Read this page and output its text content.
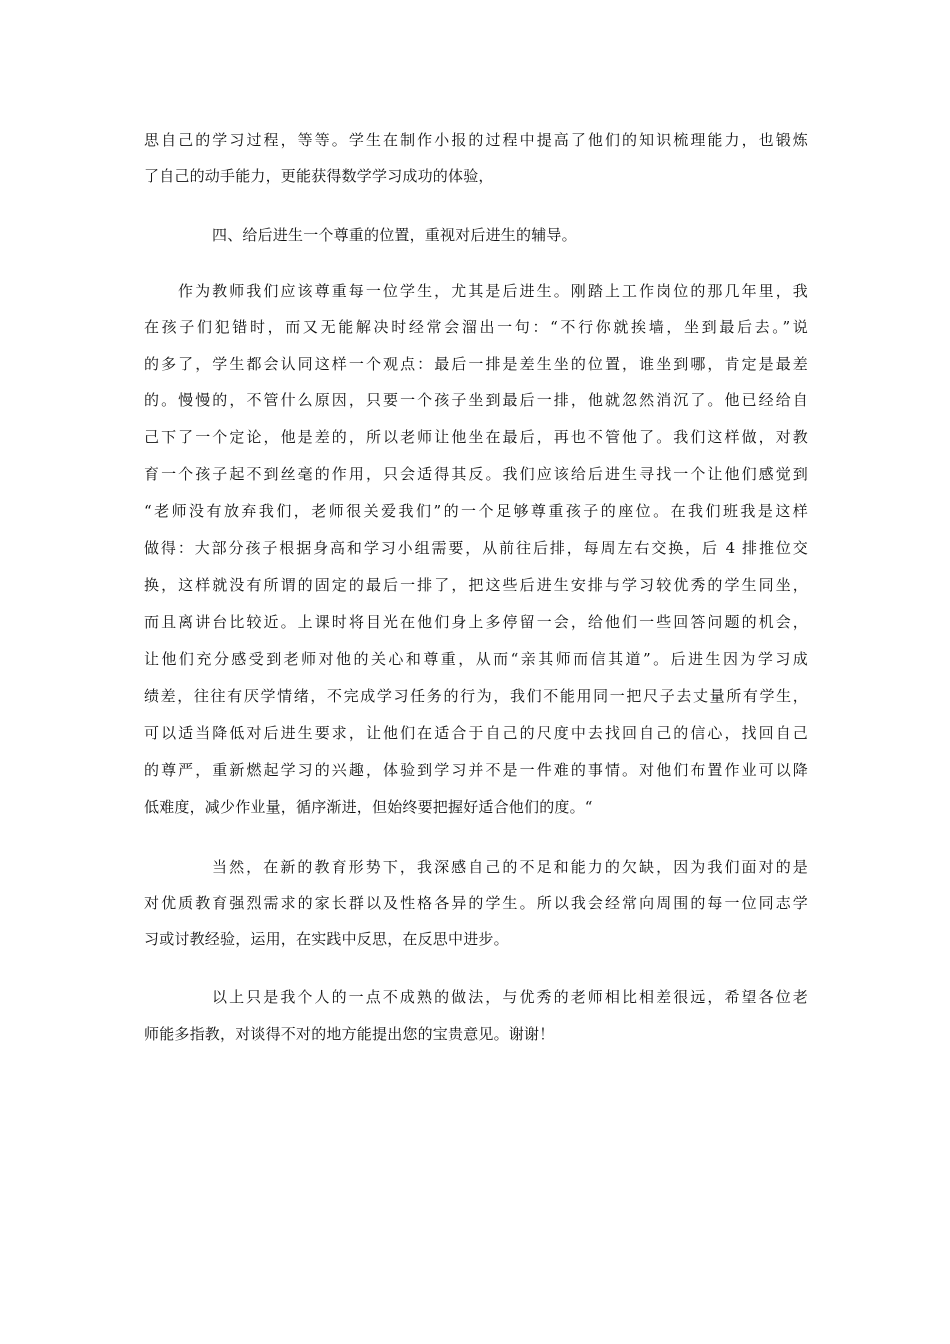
思自己的学习过程，等等。学生在制作小报的过程中提高了他们的知识梳理能力，也锻炼
了自己的动手能力，更能获得数学学习成功的体验，
四、给后进生一个尊重的位置，重视对后进生的辅导。
作为教师我们应该尊重每一位学生，尤其是后进生。刚踏上工作岗位的那几年里，我
在孩子们犯错时，而又无能解决时经常会溜出一句：“不行你就挨墙，坐到最后去。”说
的多了，学生都会认同这样一个观点：最后一排是差生坐的位置，谁坐到哪，肯定是最差
的。慢慢的，不管什么原因，只要一个孩子坐到最后一排，他就忽然消沉了。他已经给自
己下了一个定论，他是差的，所以老师让他坐在最后，再也不管他了。我们这样做，对教
育一个孩子起不到丝毫的作用，只会适得其反。我们应该给后进生寻找一个让他们感觉到
“老师没有放弃我们，老师很关爱我们”的一个足够尊重孩子的座位。在我们班我是这样
做得：大部分孩子根据身高和学习小组需要，从前往后排，每周左右交换，后 4 排推位交
换，这样就没有所谓的固定的最后一排了，把这些后进生安排与学习较优秀的学生同坐，
而且离讲台比较近。上课时将目光在他们身上多停留一会，给他们一些回答问题的机会，
让他们充分感受到老师对他的关心和尊重，从而“亲其师而信其道”。后进生因为学习成
绩差，往往有厌学情绪，不完成学习任务的行为，我们不能用同一把尺子去丈量所有学生，
可以适当降低对后进生要求，让他们在适合于自己的尺度中去找回自己的信心，找回自己
的尊严，重新燃起学习的兴趣，体验到学习并不是一件难的事情。对他们布置作业可以降
低难度，减少作业量，循序渐进，但始终要把握好适合他们的度。“
当然，在新的教育形势下，我深感自己的不足和能力的欠缺，因为我们面对的是
对优质教育强烈需求的家长群以及性格各异的学生。所以我会经常向周围的每一位同志学
习或讨教经验，运用，在实践中反思，在反思中进步。
以上只是我个人的一点不成熟的做法，与优秀的老师相比相差很远，希望各位老
师能多指教，对谈得不对的地方能提出您的宝贵意见。谢谢！
